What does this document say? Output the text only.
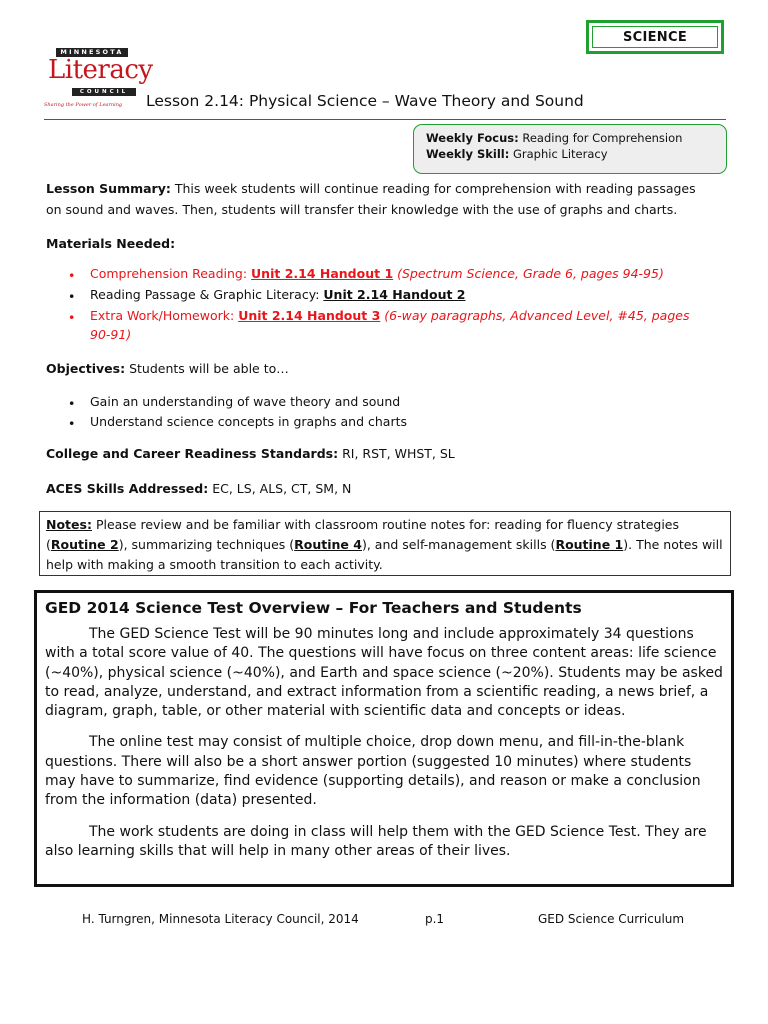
SCIENCE
MINNESOTA
Literacy
COUNCIL
Sharing the Power of Learning Lesson 2.14: Physical Science – Wave Theory and Sound
Weekly Focus: Reading for Comprehension
Weekly Skill: Graphic Literacy
Lesson Summary: This week students will continue reading for comprehension with reading passages
on sound and waves. Then, students will transfer their knowledge with the use of graphs and charts.
Materials Needed:
• Comprehension Reading: Unit 2.14 Handout 1 (Spectrum Science, Grade 6, pages 94-95)
• Reading Passage & Graphic Literacy: Unit 2.14 Handout 2
• Extra Work/Homework: Unit 2.14 Handout 3 (6-way paragraphs, Advanced Level, #45, pages
90-91)
Objectives: Students will be able to…
• Gain an understanding of wave theory and sound
• Understand science concepts in graphs and charts
College and Career Readiness Standards: RI, RST, WHST, SL
ACES Skills Addressed: EC, LS, ALS, CT, SM, N
Notes: Please review and be familiar with classroom routine notes for: reading for fluency strategies
(Routine 2), summarizing techniques (Routine 4), and self-management skills (Routine 1). The notes will
help with making a smooth transition to each activity.
GED 2014 Science Test Overview – For Teachers and Students

The GED Science Test will be 90 minutes long and include approximately 34 questions with a total score value of 40. The questions will have focus on three content areas: life science (~40%), physical science (~40%), and Earth and space science (~20%). Students may be asked to read, analyze, understand, and extract information from a scientific reading, a news brief, a diagram, graph, table, or other material with scientific data and concepts or ideas.

The online test may consist of multiple choice, drop down menu, and fill-in-the-blank questions. There will also be a short answer portion (suggested 10 minutes) where students may have to summarize, find evidence (supporting details), and reason or make a conclusion from the information (data) presented.

The work students are doing in class will help them with the GED Science Test. They are also learning skills that will help in many other areas of their lives.

H. Turngren, Minnesota Literacy Council, 2014	p.1	GED Science Curriculum
